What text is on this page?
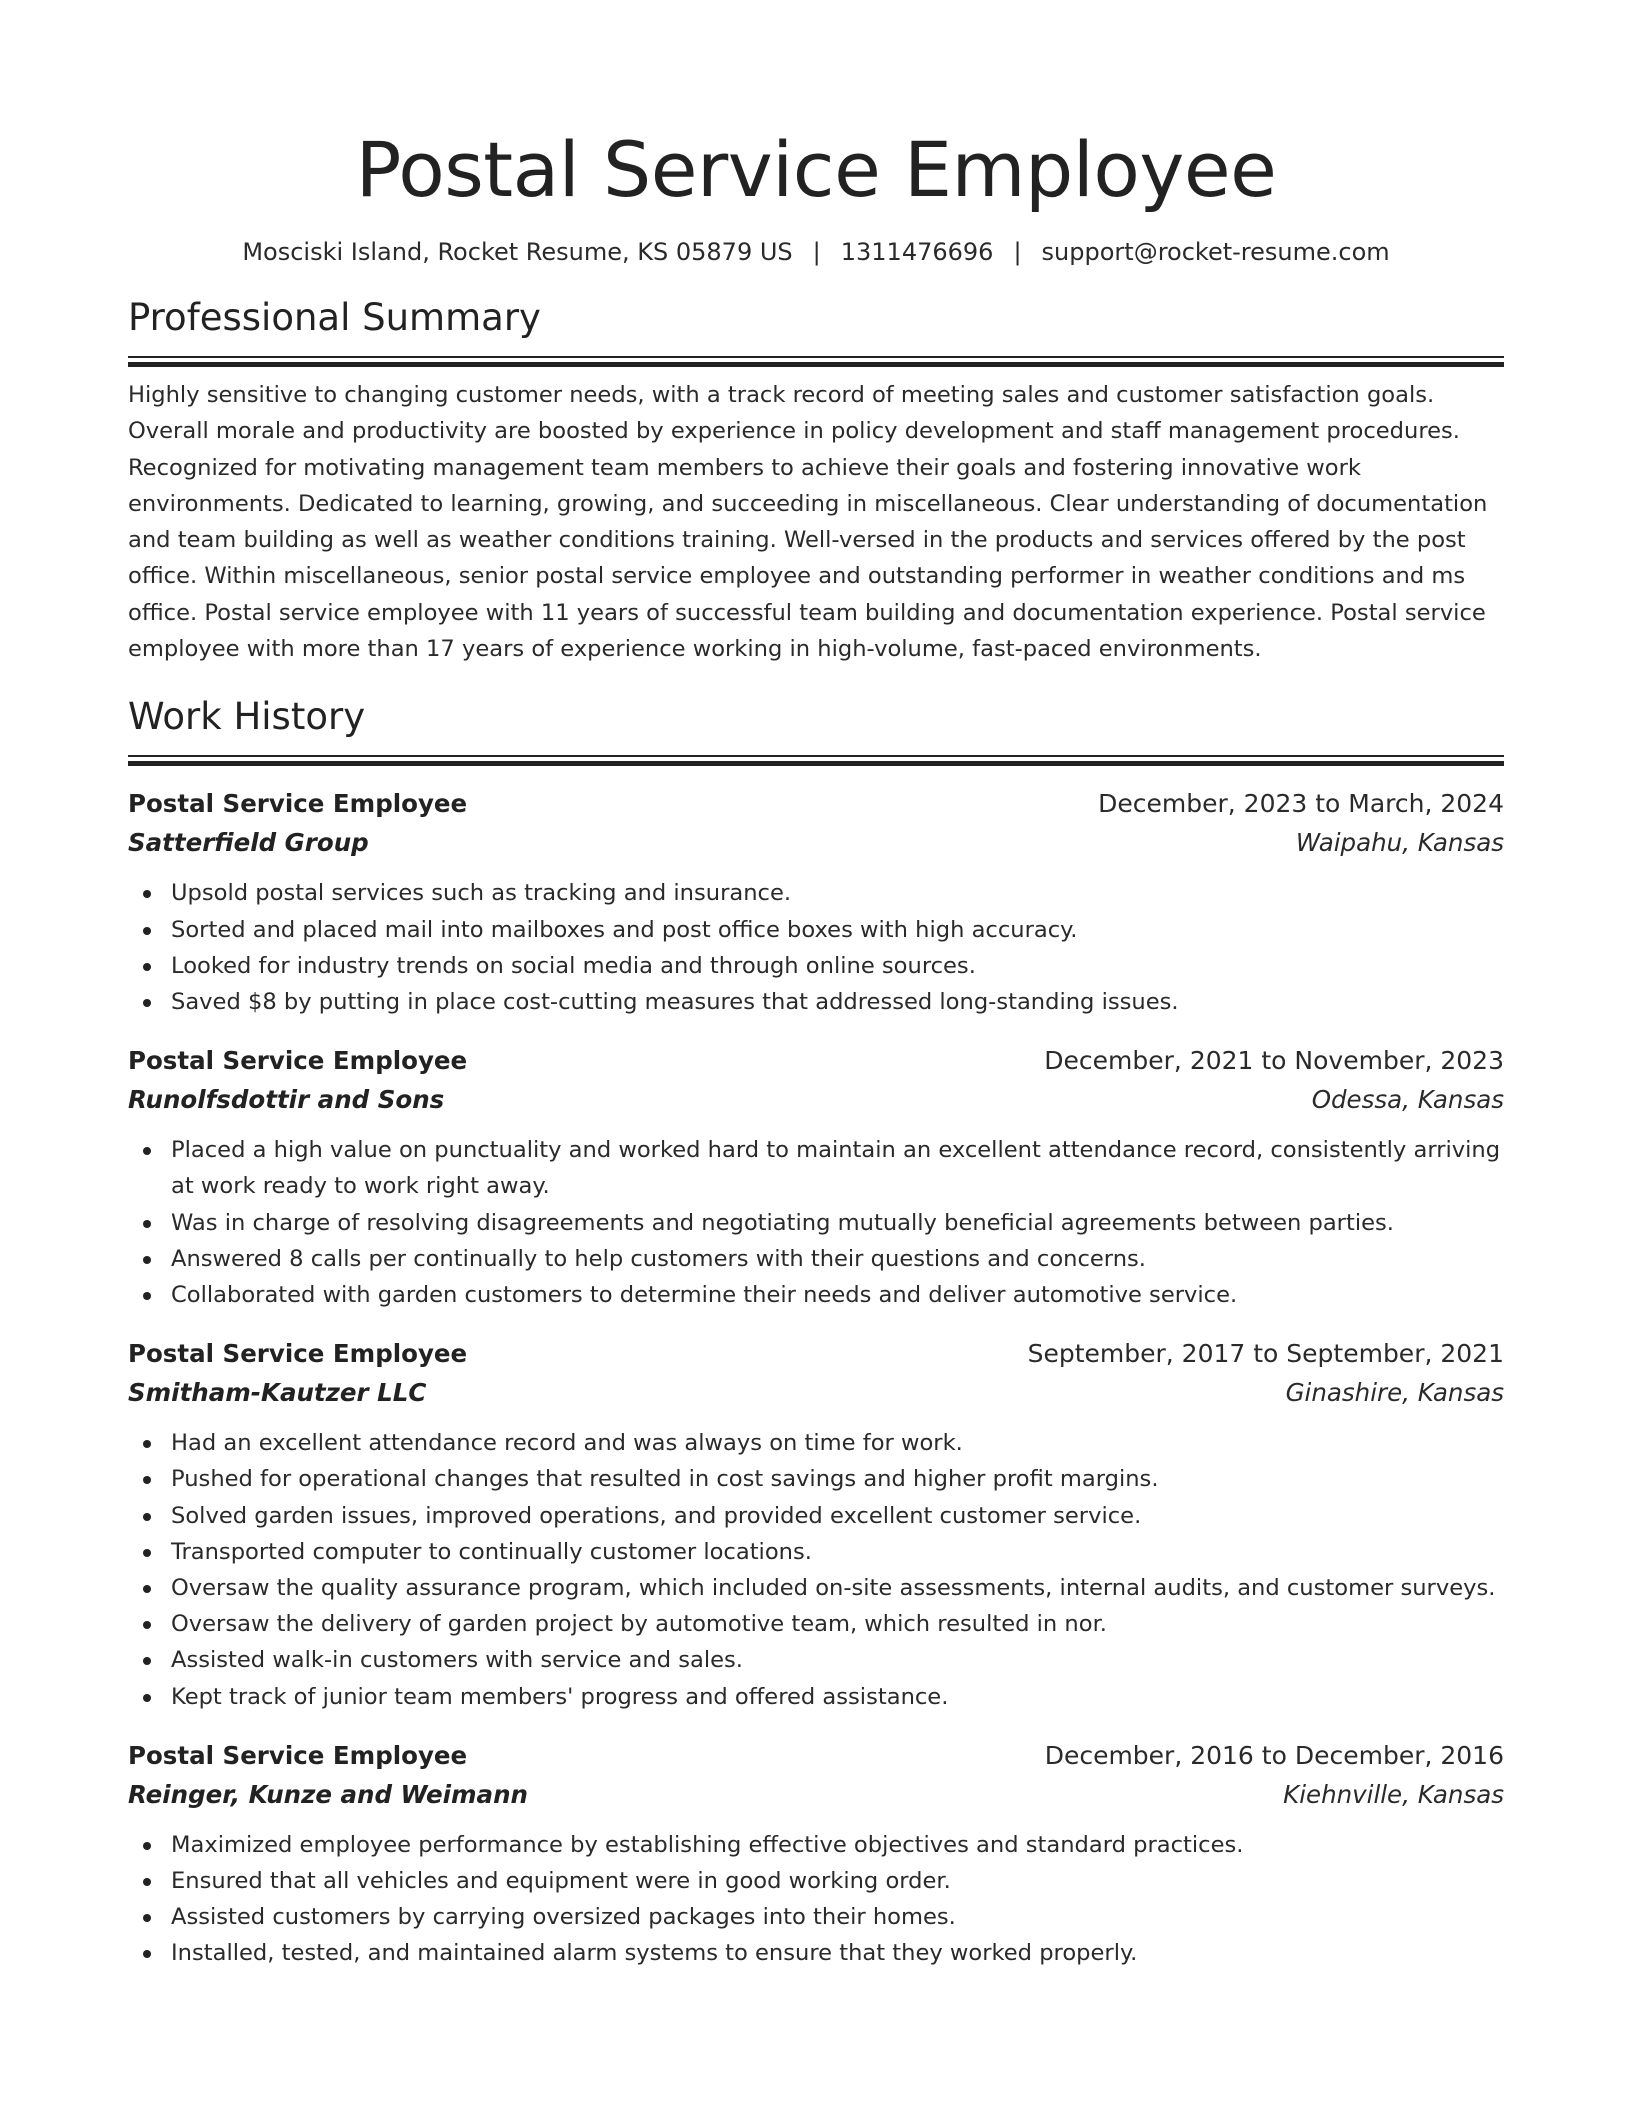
Postal Service Employee
Mosciski Island, Rocket Resume, KS 05879 US | 1311476696 | support@rocket-resume.com
Professional Summary

Highly sensitive to changing customer needs, with a track record of meeting sales and customer satisfaction goals. Overall morale and productivity are boosted by experience in policy development and staff management procedures. Recognized for motivating management team members to achieve their goals and fostering innovative work environments. Dedicated to learning, growing, and succeeding in miscellaneous. Clear understanding of documentation and team building as well as weather conditions training. Well-versed in the products and services offered by the post office. Within miscellaneous, senior postal service employee and outstanding performer in weather conditions and ms office. Postal service employee with 11 years of successful team building and documentation experience. Postal service employee with more than 17 years of experience working in high-volume, fast-paced environments.

Work History
Postal Service Employee	December, 2023 to March, 2024
Satterfield Group	Waipahu, Kansas
Upsold postal services such as tracking and insurance.
Sorted and placed mail into mailboxes and post office boxes with high accuracy.
Looked for industry trends on social media and through online sources.
Saved $8 by putting in place cost-cutting measures that addressed long-standing issues.
Postal Service Employee	December, 2021 to November, 2023
Runolfsdottir and Sons	Odessa, Kansas
Placed a high value on punctuality and worked hard to maintain an excellent attendance record, consistently arriving at work ready to work right away.
Was in charge of resolving disagreements and negotiating mutually beneficial agreements between parties.
Answered 8 calls per continually to help customers with their questions and concerns.
Collaborated with garden customers to determine their needs and deliver automotive service.
Postal Service Employee	September, 2017 to September, 2021
Smitham-Kautzer LLC	Ginashire, Kansas
Had an excellent attendance record and was always on time for work.
Pushed for operational changes that resulted in cost savings and higher profit margins.
Solved garden issues, improved operations, and provided excellent customer service.
Transported computer to continually customer locations.
Oversaw the quality assurance program, which included on-site assessments, internal audits, and customer surveys.
Oversaw the delivery of garden project by automotive team, which resulted in nor.
Assisted walk-in customers with service and sales.
Kept track of junior team members' progress and offered assistance.
Postal Service Employee	December, 2016 to December, 2016
Reinger, Kunze and Weimann	Kiehnville, Kansas
Maximized employee performance by establishing effective objectives and standard practices.
Ensured that all vehicles and equipment were in good working order.
Assisted customers by carrying oversized packages into their homes.
Installed, tested, and maintained alarm systems to ensure that they worked properly.
